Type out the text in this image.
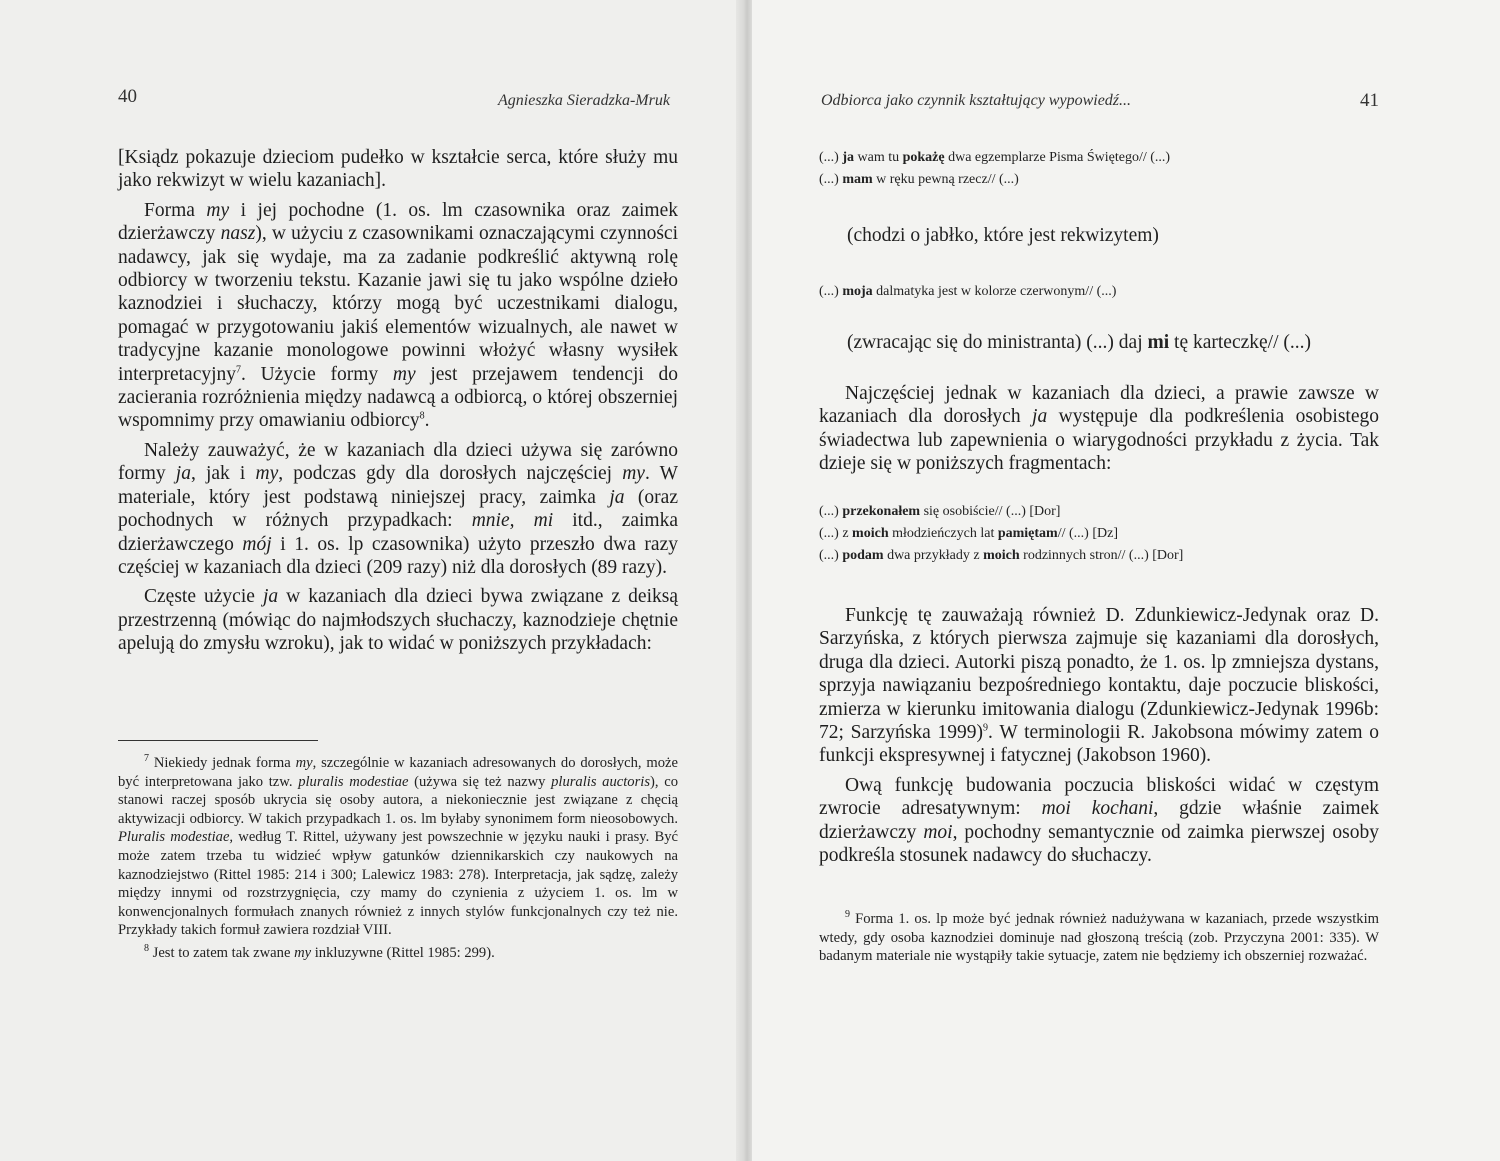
40	Agnieszka Sieradzka-Mruk

[Ksiądz pokazuje dzieciom pudełko w kształcie serca, które służy mu jako rekwizyt w wielu kazaniach].

Forma my i jej pochodne (1. os. lm czasownika oraz zaimek dzierżawczy nasz), w użyciu z czasownikami oznaczającymi czynności nadawcy, jak się wydaje, ma za zadanie podkreślić aktywną rolę odbiorcy w tworzeniu tekstu. Kazanie jawi się tu jako wspólne dzieło kaznodziei i słuchaczy, którzy mogą być uczestnikami dialogu, pomagać w przygotowaniu jakiś elementów wizualnych, ale nawet w tradycyjne kazanie monologowe powinni włożyć własny wysiłek interpretacyjny$^7$. Użycie formy my jest przejawem tendencji do zacierania rozróżnienia między nadawcą a odbiorcą, o której obszerniej wspomnimy przy omawianiu odbiorcy$^8$.

Należy zauważyć, że w kazaniach dla dzieci używa się zarówno formy ja, jak i my, podczas gdy dla dorosłych najczęściej my. W materiale, który jest podstawą niniejszej pracy, zaimka ja (oraz pochodnych w różnych przypadkach: mnie, mi itd., zaimka dzierżawczego mój i 1. os. lp czasownika) użyto przeszło dwa razy częściej w kazaniach dla dzieci (209 razy) niż dla dorosłych (89 razy).

Częste użycie ja w kazaniach dla dzieci bywa związane z deiksą przestrzenną (mówiąc do najmłodszych słuchaczy, kaznodzieje chętnie apelują do zmysłu wzroku), jak to widać w poniższych przykładach:

$^7$ Niekiedy jednak forma my, szczególnie w kazaniach adresowanych do dorosłych, może być interpretowana jako tzw. pluralis modestiae (używa się też nazwy pluralis auctoris), co stanowi raczej sposób ukrycia się osoby autora, a niekoniecznie jest związane z chęcią aktywizacji odbiorcy. W takich przypadkach 1. os. lm byłaby synonimem form nieosobowych. Pluralis modestiae, według T. Rittel, używany jest powszechnie w języku nauki i prasy. Być może zatem trzeba tu widzieć wpływ gatunków dziennikarskich czy naukowych na kaznodziejstwo (Rittel 1985: 214 i 300; Lalewicz 1983: 278). Interpretacja, jak sądzę, zależy między innymi od rozstrzygnięcia, czy mamy do czynienia z użyciem 1. os. lm w konwencjonalnych formułach znanych również z innych stylów funkcjonalnych czy też nie. Przykłady takich formuł zawiera rozdział VIII.

$^8$ Jest to zatem tak zwane my inkluzywne (Rittel 1985: 299).

Odbiorca jako czynnik kształtujący wypowiedź...	41
(...) ja wam tu pokażę dwa egzemplarze Pisma Świętego// (...)
(...) mam w ręku pewną rzecz// (...)
(chodzi o jabłko, które jest rekwizytem)
(...) moja dalmatyka jest w kolorze czerwonym// (...)
(zwracając się do ministranta) (...) daj mi tę karteczkę// (...)

Najczęściej jednak w kazaniach dla dzieci, a prawie zawsze w kazaniach dla dorosłych ja występuje dla podkreślenia osobistego świadectwa lub zapewnienia o wiarygodności przykładu z życia. Tak dzieje się w poniższych fragmentach:

(...) przekonałem się osobiście// (...) [Dor]
(...) z moich młodzieńczych lat pamiętam// (...) [Dz]
(...) podam dwa przykłady z moich rodzinnych stron// (...) [Dor]

Funkcję tę zauważają również D. Zdunkiewicz-Jedynak oraz D. Sarzyńska, z których pierwsza zajmuje się kazaniami dla dorosłych, druga dla dzieci. Autorki piszą ponadto, że 1. os. lp zmniejsza dystans, sprzyja nawiązaniu bezpośredniego kontaktu, daje poczucie bliskości, zmierza w kierunku imitowania dialogu (Zdunkiewicz-Jedynak 1996b: 72; Sarzyńska 1999)$^9$. W terminologii R. Jakobsona mówimy zatem o funkcji ekspresywnej i fatycznej (Jakobson 1960).

Ową funkcję budowania poczucia bliskości widać w częstym zwrocie adresatywnym: moi kochani, gdzie właśnie zaimek dzierżawczy moi, pochodny semantycznie od zaimka pierwszej osoby podkreśla stosunek nadawcy do słuchaczy.

$^9$ Forma 1. os. lp może być jednak również nadużywana w kazaniach, przede wszystkim wtedy, gdy osoba kaznodziei dominuje nad głoszoną treścią (zob. Przyczyna 2001: 335). W badanym materiale nie wystąpiły takie sytuacje, zatem nie będziemy ich obszerniej rozważać.
